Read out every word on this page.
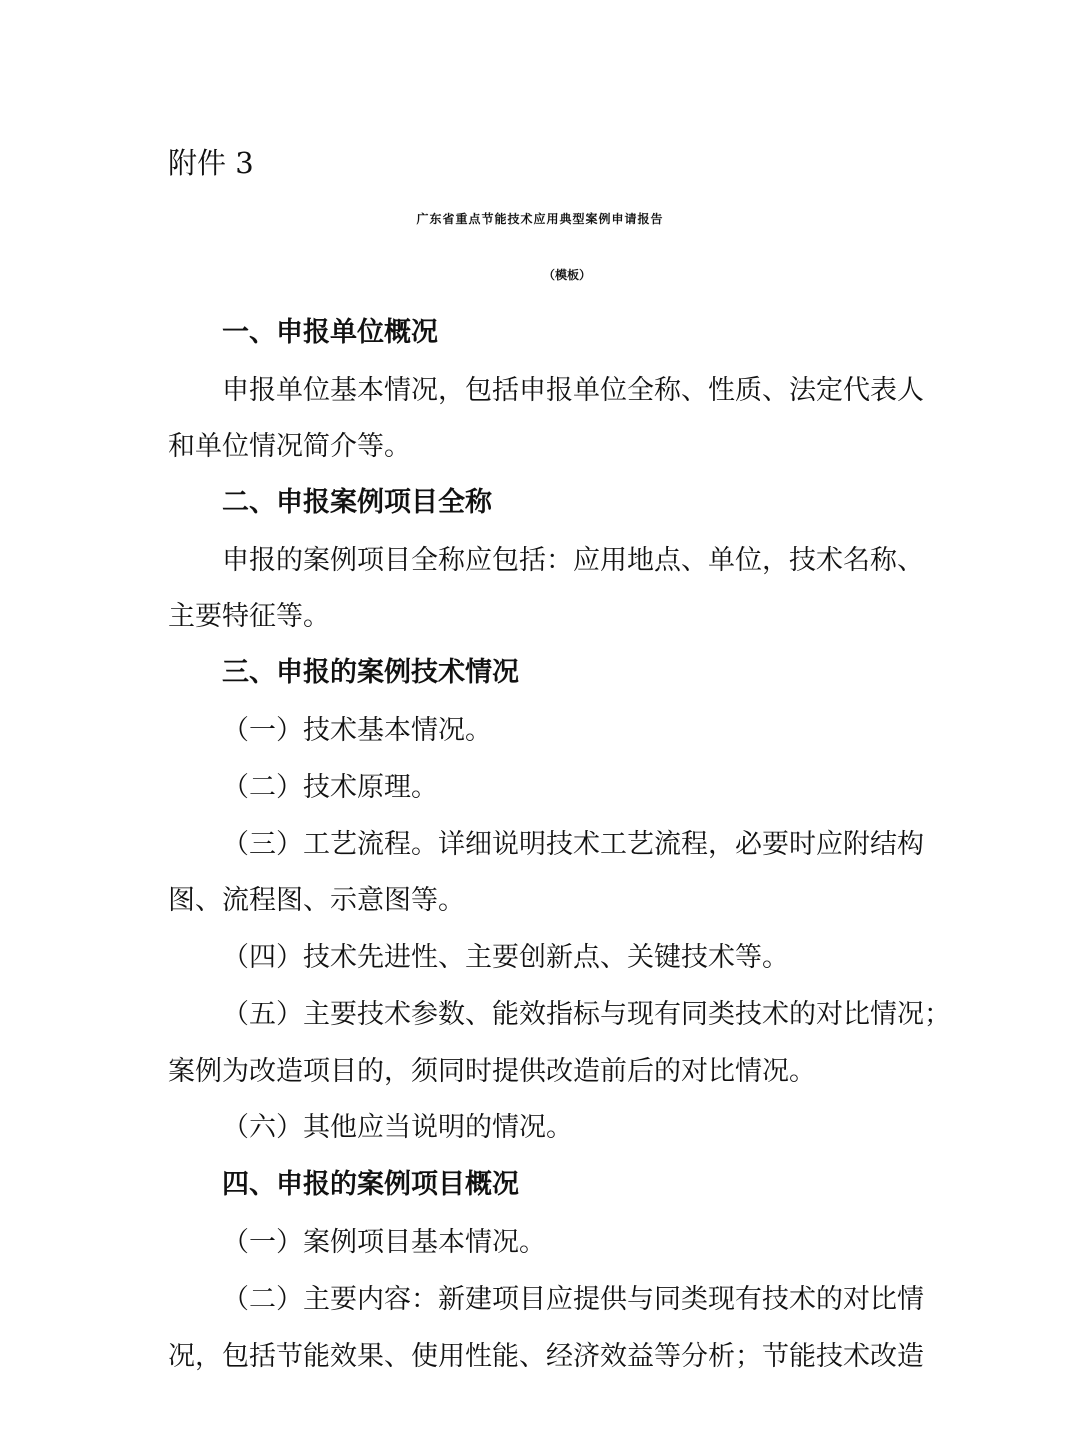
附件 3

广东省重点节能技术应用典型案例申请报告

（模板）

一、申报单位概况

申报单位基本情况，包括申报单位全称、性质、法定代表人

和单位情况简介等。

二、申报案例项目全称

申报的案例项目全称应包括：应用地点、单位，技术名称、

主要特征等。

三、申报的案例技术情况

（一）技术基本情况。

（二）技术原理。

（三）工艺流程。详细说明技术工艺流程，必要时应附结构

图、流程图、示意图等。

（四）技术先进性、主要创新点、关键技术等。

（五）主要技术参数、能效指标与现有同类技术的对比情况；

案例为改造项目的，须同时提供改造前后的对比情况。

（六）其他应当说明的情况。

四、申报的案例项目概况

（一）案例项目基本情况。

（二）主要内容：新建项目应提供与同类现有技术的对比情

况，包括节能效果、使用性能、经济效益等分析；节能技术改造
